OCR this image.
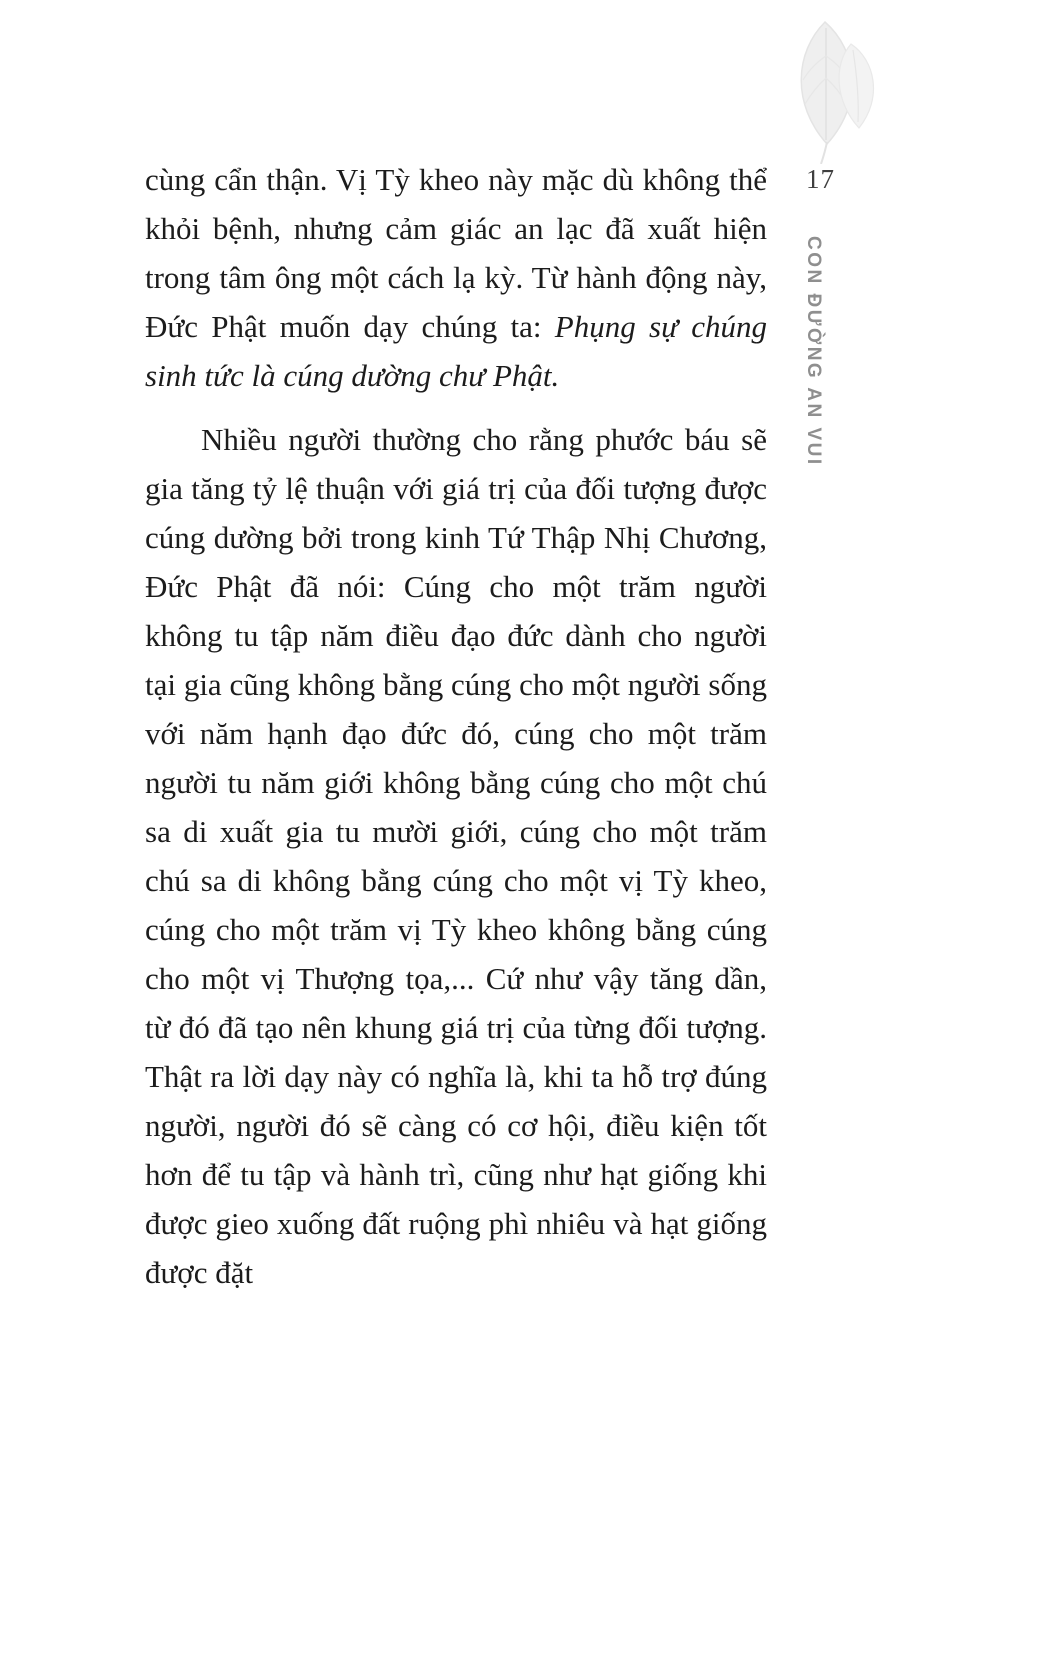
17
CON ĐƯỜNG AN VUI

cùng cẩn thận. Vị Tỳ kheo này mặc dù không thể khỏi bệnh, nhưng cảm giác an lạc đã xuất hiện trong tâm ông một cách lạ kỳ. Từ hành động này, Đức Phật muốn dạy chúng ta: Phụng sự chúng sinh tức là cúng dường chư Phật.

Nhiều người thường cho rằng phước báu sẽ gia tăng tỷ lệ thuận với giá trị của đối tượng được cúng dường bởi trong kinh Tứ Thập Nhị Chương, Đức Phật đã nói: Cúng cho một trăm người không tu tập năm điều đạo đức dành cho người tại gia cũng không bằng cúng cho một người sống với năm hạnh đạo đức đó, cúng cho một trăm người tu năm giới không bằng cúng cho một chú sa di xuất gia tu mười giới, cúng cho một trăm chú sa di không bằng cúng cho một vị Tỳ kheo, cúng cho một trăm vị Tỳ kheo không bằng cúng cho một vị Thượng tọa,... Cứ như vậy tăng dần, từ đó đã tạo nên khung giá trị của từng đối tượng. Thật ra lời dạy này có nghĩa là, khi ta hỗ trợ đúng người, người đó sẽ càng có cơ hội, điều kiện tốt hơn để tu tập và hành trì, cũng như hạt giống khi được gieo xuống đất ruộng phì nhiêu và hạt giống được đặt
